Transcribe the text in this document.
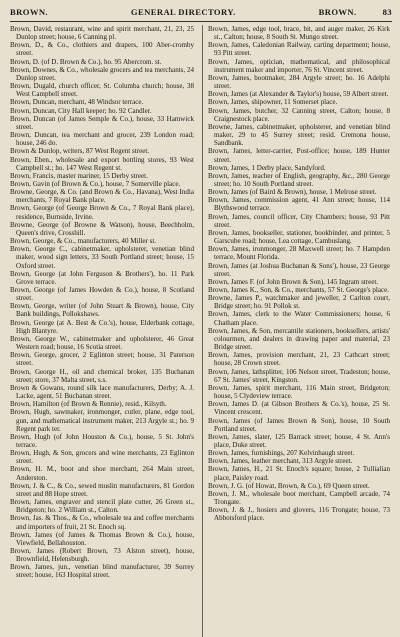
BROWN.	GENERAL DIRECTORY.	BROWN.	83

Brown, David, restaurant, wine and spirit merchant, 21, 23, 25 Dunlop street; house, 6 Canning pl.

Brown, D., & Co., clothiers and drapers, 100 Aber-cromby street.

Brown, D. (of D. Brown & Co.), ho. 95 Abercrom. st.

Brown, Downes, & Co., wholesale grocers and tea merchants, 24 Dunlop street.

Brown, Dugald, church officer, St. Columba church; house, 38 West Campbell street.

Brown, Duncan, merchant, 48 Windsor terrace.

Brown, Duncan, City Hall keeper; ho. 92 Candler.

Brown, Duncan (of James Semple & Co.), house, 33 Hamwick street.

Brown, Duncan, tea merchant and grocer, 239 London road; house, 246 do.

Brown & Dunlop, writers, 87 West Regent street.

Brown, Eben., wholesale and export bottling stores, 93 West Campbell st.; ho. 147 West Regent st.

Brown, Francis, master mariner, 15 Derby street.

Brown, Gavin (of Brown & Co.), house, 7 Somerville place.

Browne, George, & Co. (and Brown & Co., Havana), West India merchants, 7 Royal Bank place.

Brown, George (of George Brown & Co., 7 Royal Bank place), residence, Burnside, Irvine.

Browne, George (of Browne & Watson), house, Beechholm, Queen's drive, Crosshill.

Brown, George, & Co., manufacturers, 40 Miller st.

Brown, George C., cabinetmaker, upholsterer, venetian blind maker, wood sign letters, 33 South Portland street; house, 15 Oxford street.

Brown, George (at John Ferguson & Brothers'), ho. 11 Park Grove terrace.

Brown, George (of James Howden & Co.), house, 8 Scotland street.

Brown, George, writer (of John Stuart & Brown), house, City Bank buildings, Pollokshaws.

Brown, George (at A. Best & Co.'s), house, Elderbank cottage, High Blantyre.

Brown, George W., cabinetmaker and upholsterer, 46 Great Western road; house, 16 Scotia street.

Brown, George, grocer, 2 Eglinton street; house, 31 Paterson street.

Brown, George H., oil and chemical broker, 135 Buchanan street; store, 37 Malta street, s.s.

Brown & Gowans, round silk lace manufacturers, Derby; A. J. Lacke, agent, 51 Buchanan street.

Brown, Hamilton (of Brown & Rennie), resid., Kilsyth.

Brown, Hugh, sawmaker, ironmonger, cutler, plane, edge tool, gun, and mathematical instrument maker, 213 Argyle st.; ho. 9 Regent park ter.

Brown, Hugh (of John Houston & Co.), house, 5 St. John's terrace.

Brown, Hugh, & Son, grocers and wine merchants, 23 Eglinton street.

Brown, H. M., boot and shoe merchant, 264 Main street, Anderston.

Brown, J. & C., & Co., sewed muslin manufacturers, 81 Gordon street and 88 Hope street.

Brown, James, engraver and stencil plate cutter, 26 Green st., Bridgeton; ho. 2 William st., Calton.

Brown, Jas. & Thos., & Co., wholesale tea and coffee merchants and importers of fruit, 21 St. Enoch sq.

Brown, James (of James & Thomas Brown & Co.), house, Viewfield, Bellahouston.

Brown, James (Robert Brown, 73 Alston street), house, Brownfield, Helensburgh.

Brown, James, jun., venetian blind manufacturer, 39 Surrey street; house, 163 Hospital street.

Brown, James, edge tool, brace, bit, and auger maker, 26 Kirk st., Calton; house, 8 South St. Mungo street.

Brown, James, Caledonian Railway, carting department; house, 93 Pitt street.

Brown, James, optician, mathematical, and philosophical instrument maker and importer, 76 St. Vincent street.

Brown, James, bootmaker, 284 Argyle street; ho. 16 Adelphi street.

Brown, James (at Alexander & Taylor's) house, 59 Albert street.

Brown, James, shipowner, 11 Somerset place.

Brown, James, butcher, 32 Canning street, Calton; house, 8 Craignestock place.

Browne, James, cabinetmaker, upholsterer, and venetian blind maker, 29 to 45 Surrey street; resid. Cremona house, Sandbank.

Brown, James, letter-carrier, Post-office; house, 189 Hunter street.

Brown, James, 1 Derby place, Sandyford.

Brown, James, teacher of English, geography, &c., 280 George street; ho. 10 South Portland street.

Brown, James (of Baird & Brown), house, 1 Melrose street.

Brown, James, commission agent, 41 Ann street; house, 114 Blythswood terrace.

Brown, James, council officer, City Chambers; house, 93 Pitt street.

Brown, James, bookseller, stationer, bookbinder, and printer, 5 Garscube road; house, Lea cottage, Cambuslang.

Brown, James, ironmonger, 28 Maxwell street; ho. 7 Hampden terrace, Mount Florida.

Brown, James (at Joshua Buchanan & Sons'), house, 23 George street.

Brown, James F. (of John Brown & Son), 145 Ingram street.

Brown, James K., Son, & Co., merchants, 57 St. George's place.

Browne, James P., watchmaker and jeweller, 2 Carlton court, Bridge street; ho. 91 Pollok st.

Brown, James, clerk to the Water Commissioners; house, 6 Chatham place.

Brown, James, & Son, mercantile stationers, booksellers, artists' colourmen, and dealers in drawing paper and material, 23 Bridge street.

Brown, James, provision merchant, 21, 23 Cathcart street; house, 28 Crown street.

Brown, James, lathsplitter, 106 Nelson street, Tradeston; house, 67 St. James' street, Kingston.

Brown, James, spirit merchant, 116 Main street, Bridgeton; house, 5 Clydeview terrace.

Brown, James D. (at Gibson Brothers & Co.'s), house, 25 St. Vincent crescent.

Brown, James (of James Brown & Son), house, 10 South Portland street.

Brown, James, slater, 125 Barrack street; house, 4 St. Ann's place, Duke street.

Brown, James, furnishings, 207 Kelvinhaugh street.

Brown, James, leather merchant, 313 Argyle street.

Brown, James, H., 21 St. Enoch's square; house, 2 Tullialian place, Paisley road.

Brown, J. G. (of Howat, Brown, & Co.), 69 Queen street.

Brown, J. M., wholesale boot merchant, Campbell arcade, 74 Trongate.

Brown, J. & J., hosiers and glovers, 116 Trongate; house, 73 Abbotsford place.
